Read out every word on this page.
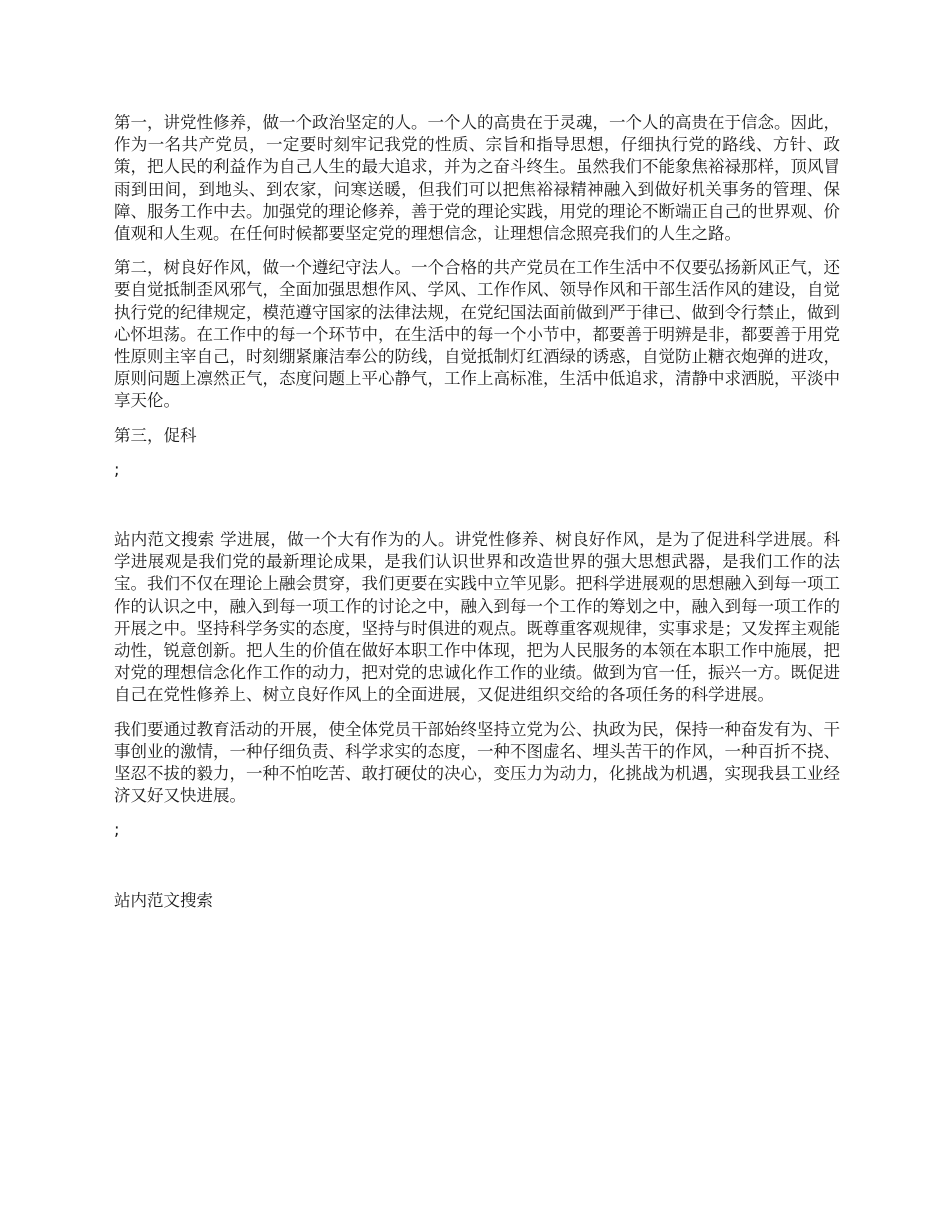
第一，讲党性修养，做一个政治坚定的人。一个人的高贵在于灵魂，一个人的高贵在于信念。因此，作为一名共产党员，一定要时刻牢记我党的性质、宗旨和指导思想，仔细执行党的路线、方针、政策，把人民的利益作为自己人生的最大追求，并为之奋斗终生。虽然我们不能象焦裕禄那样，顶风冒雨到田间，到地头、到农家，问寒送暖，但我们可以把焦裕禄精神融入到做好机关事务的管理、保障、服务工作中去。加强党的理论修养，善于党的理论实践，用党的理论不断端正自己的世界观、价值观和人生观。在任何时候都要坚定党的理想信念，让理想信念照亮我们的人生之路。

第二，树良好作风，做一个遵纪守法人。一个合格的共产党员在工作生活中不仅要弘扬新风正气，还要自觉抵制歪风邪气，全面加强思想作风、学风、工作作风、领导作风和干部生活作风的建设，自觉执行党的纪律规定，模范遵守国家的法律法规，在党纪国法面前做到严于律已、做到令行禁止，做到心怀坦荡。在工作中的每一个环节中，在生活中的每一个小节中，都要善于明辨是非，都要善于用党性原则主宰自己，时刻绷紧廉洁奉公的防线，自觉抵制灯红酒绿的诱惑，自觉防止糖衣炮弹的进攻，原则问题上凛然正气，态度问题上平心静气，工作上高标准，生活中低追求，清静中求洒脱，平淡中享天伦。

第三，促科

;

站内范文搜索 学进展，做一个大有作为的人。讲党性修养、树良好作风，是为了促进科学进展。科学进展观是我们党的最新理论成果，是我们认识世界和改造世界的强大思想武器，是我们工作的法宝。我们不仅在理论上融会贯穿，我们更要在实践中立竿见影。把科学进展观的思想融入到每一项工作的认识之中，融入到每一项工作的讨论之中，融入到每一个工作的筹划之中，融入到每一项工作的开展之中。坚持科学务实的态度，坚持与时俱进的观点。既尊重客观规律，实事求是；又发挥主观能动性，锐意创新。把人生的价值在做好本职工作中体现，把为人民服务的本领在本职工作中施展，把对党的理想信念化作工作的动力，把对党的忠诚化作工作的业绩。做到为官一任，振兴一方。既促进自己在党性修养上、树立良好作风上的全面进展，又促进组织交给的各项任务的科学进展。

我们要通过教育活动的开展，使全体党员干部始终坚持立党为公、执政为民，保持一种奋发有为、干事创业的激情，一种仔细负责、科学求实的态度，一种不图虚名、埋头苦干的作风，一种百折不挠、坚忍不拔的毅力，一种不怕吃苦、敢打硬仗的决心，变压力为动力，化挑战为机遇，实现我县工业经济又好又快进展。

;

站内范文搜索
